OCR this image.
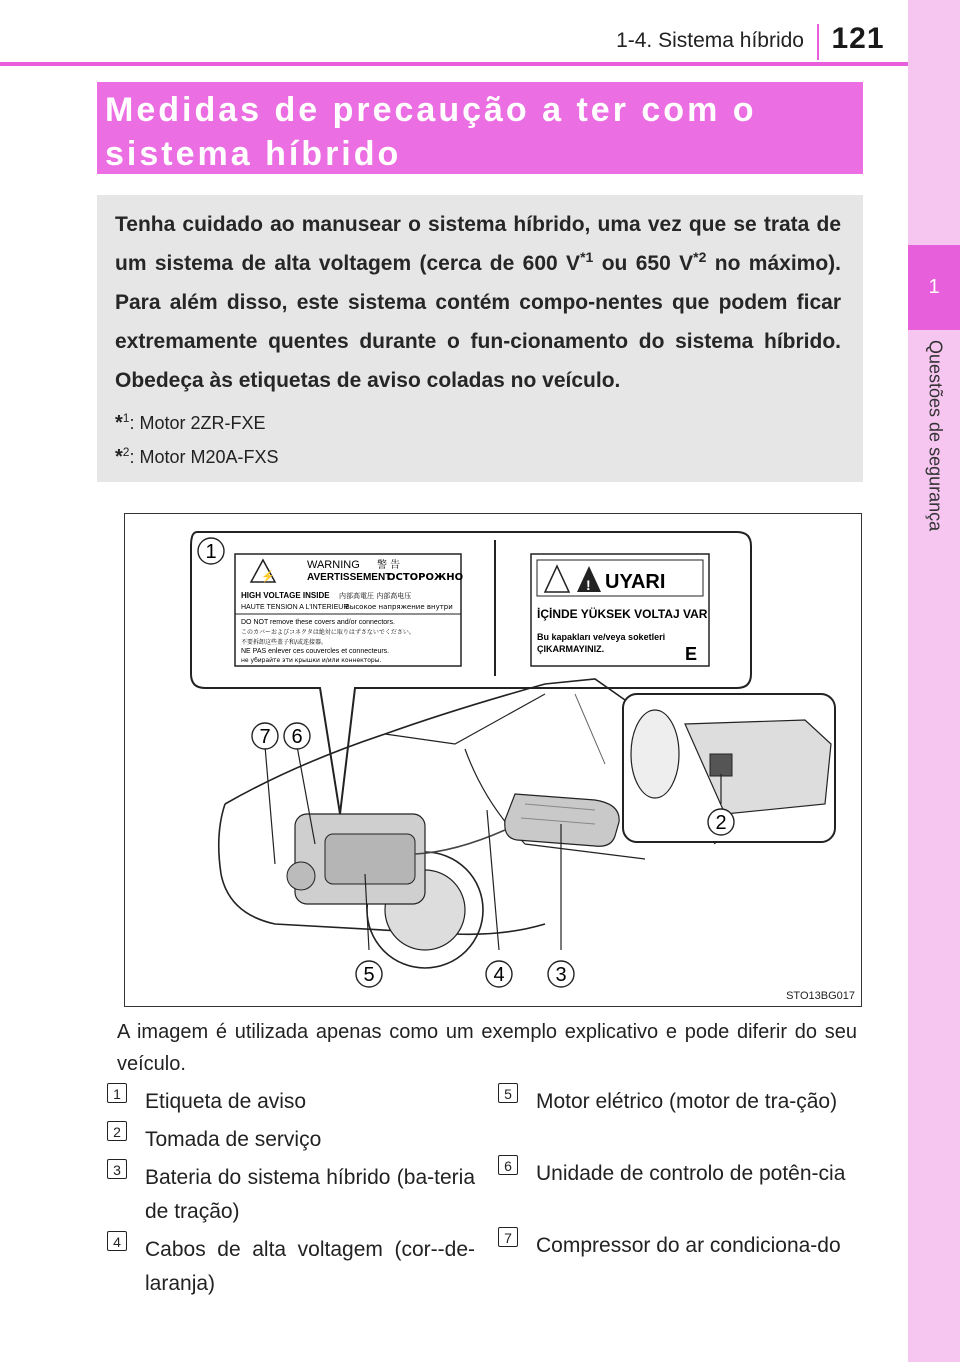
1-4. Sistema híbrido 121
1
Questões de segurança
Medidas de precaução a ter com o sistema híbrido

Tenha cuidado ao manusear o sistema híbrido, uma vez que se trata de um sistema de alta voltagem (cerca de 600 $V^{*1}$ ou 650 $V^{*2}$ no máximo). Para além disso, este sistema contém compo-nentes que podem ficar extremamente quentes durante o fun-cionamento do sistema híbrido. Obedeça às etiquetas de aviso coladas no veículo.

*$^1$: Motor 2ZR-FXE
*$^2$: Motor M20A-FXS
⚡
WARNING 警 告
AVERTISSEMENT
ОСТОРОЖНО
HIGH VOLTAGE INSIDE 内部高電圧 内部高电压
HAUTE TENSION A L'INTERIEUR
Высокое напряжение внутри
DO NOT remove these covers and/or connectors.
このカバーおよびコネクタは絶対に取りはずさないでください。
不要拆卸这些盖子和/或连接器。
NE PAS enlever ces couvercles et connecteurs.
не убирайте эти крышки и/или коннекторы.
! UYARI
İÇİNDE YÜKSEK VOLTAJ VAR
Bu kapakları ve/veya soketleri
ÇIKARMAYINIZ.	E
1
2
3
4
5
6
7
STO13BG017
A imagem é utilizada apenas como um exemplo explicativo e pode diferir do seu veículo.
1 Etiqueta de aviso
2 Tomada de serviço
3 Bateria do sistema híbrido (ba-teria de tração)
4 Cabos de alta voltagem (cor--de-laranja)
5 Motor elétrico (motor de tra-ção)
6 Unidade de controlo de potên-cia
7 Compressor do ar condiciona-do
